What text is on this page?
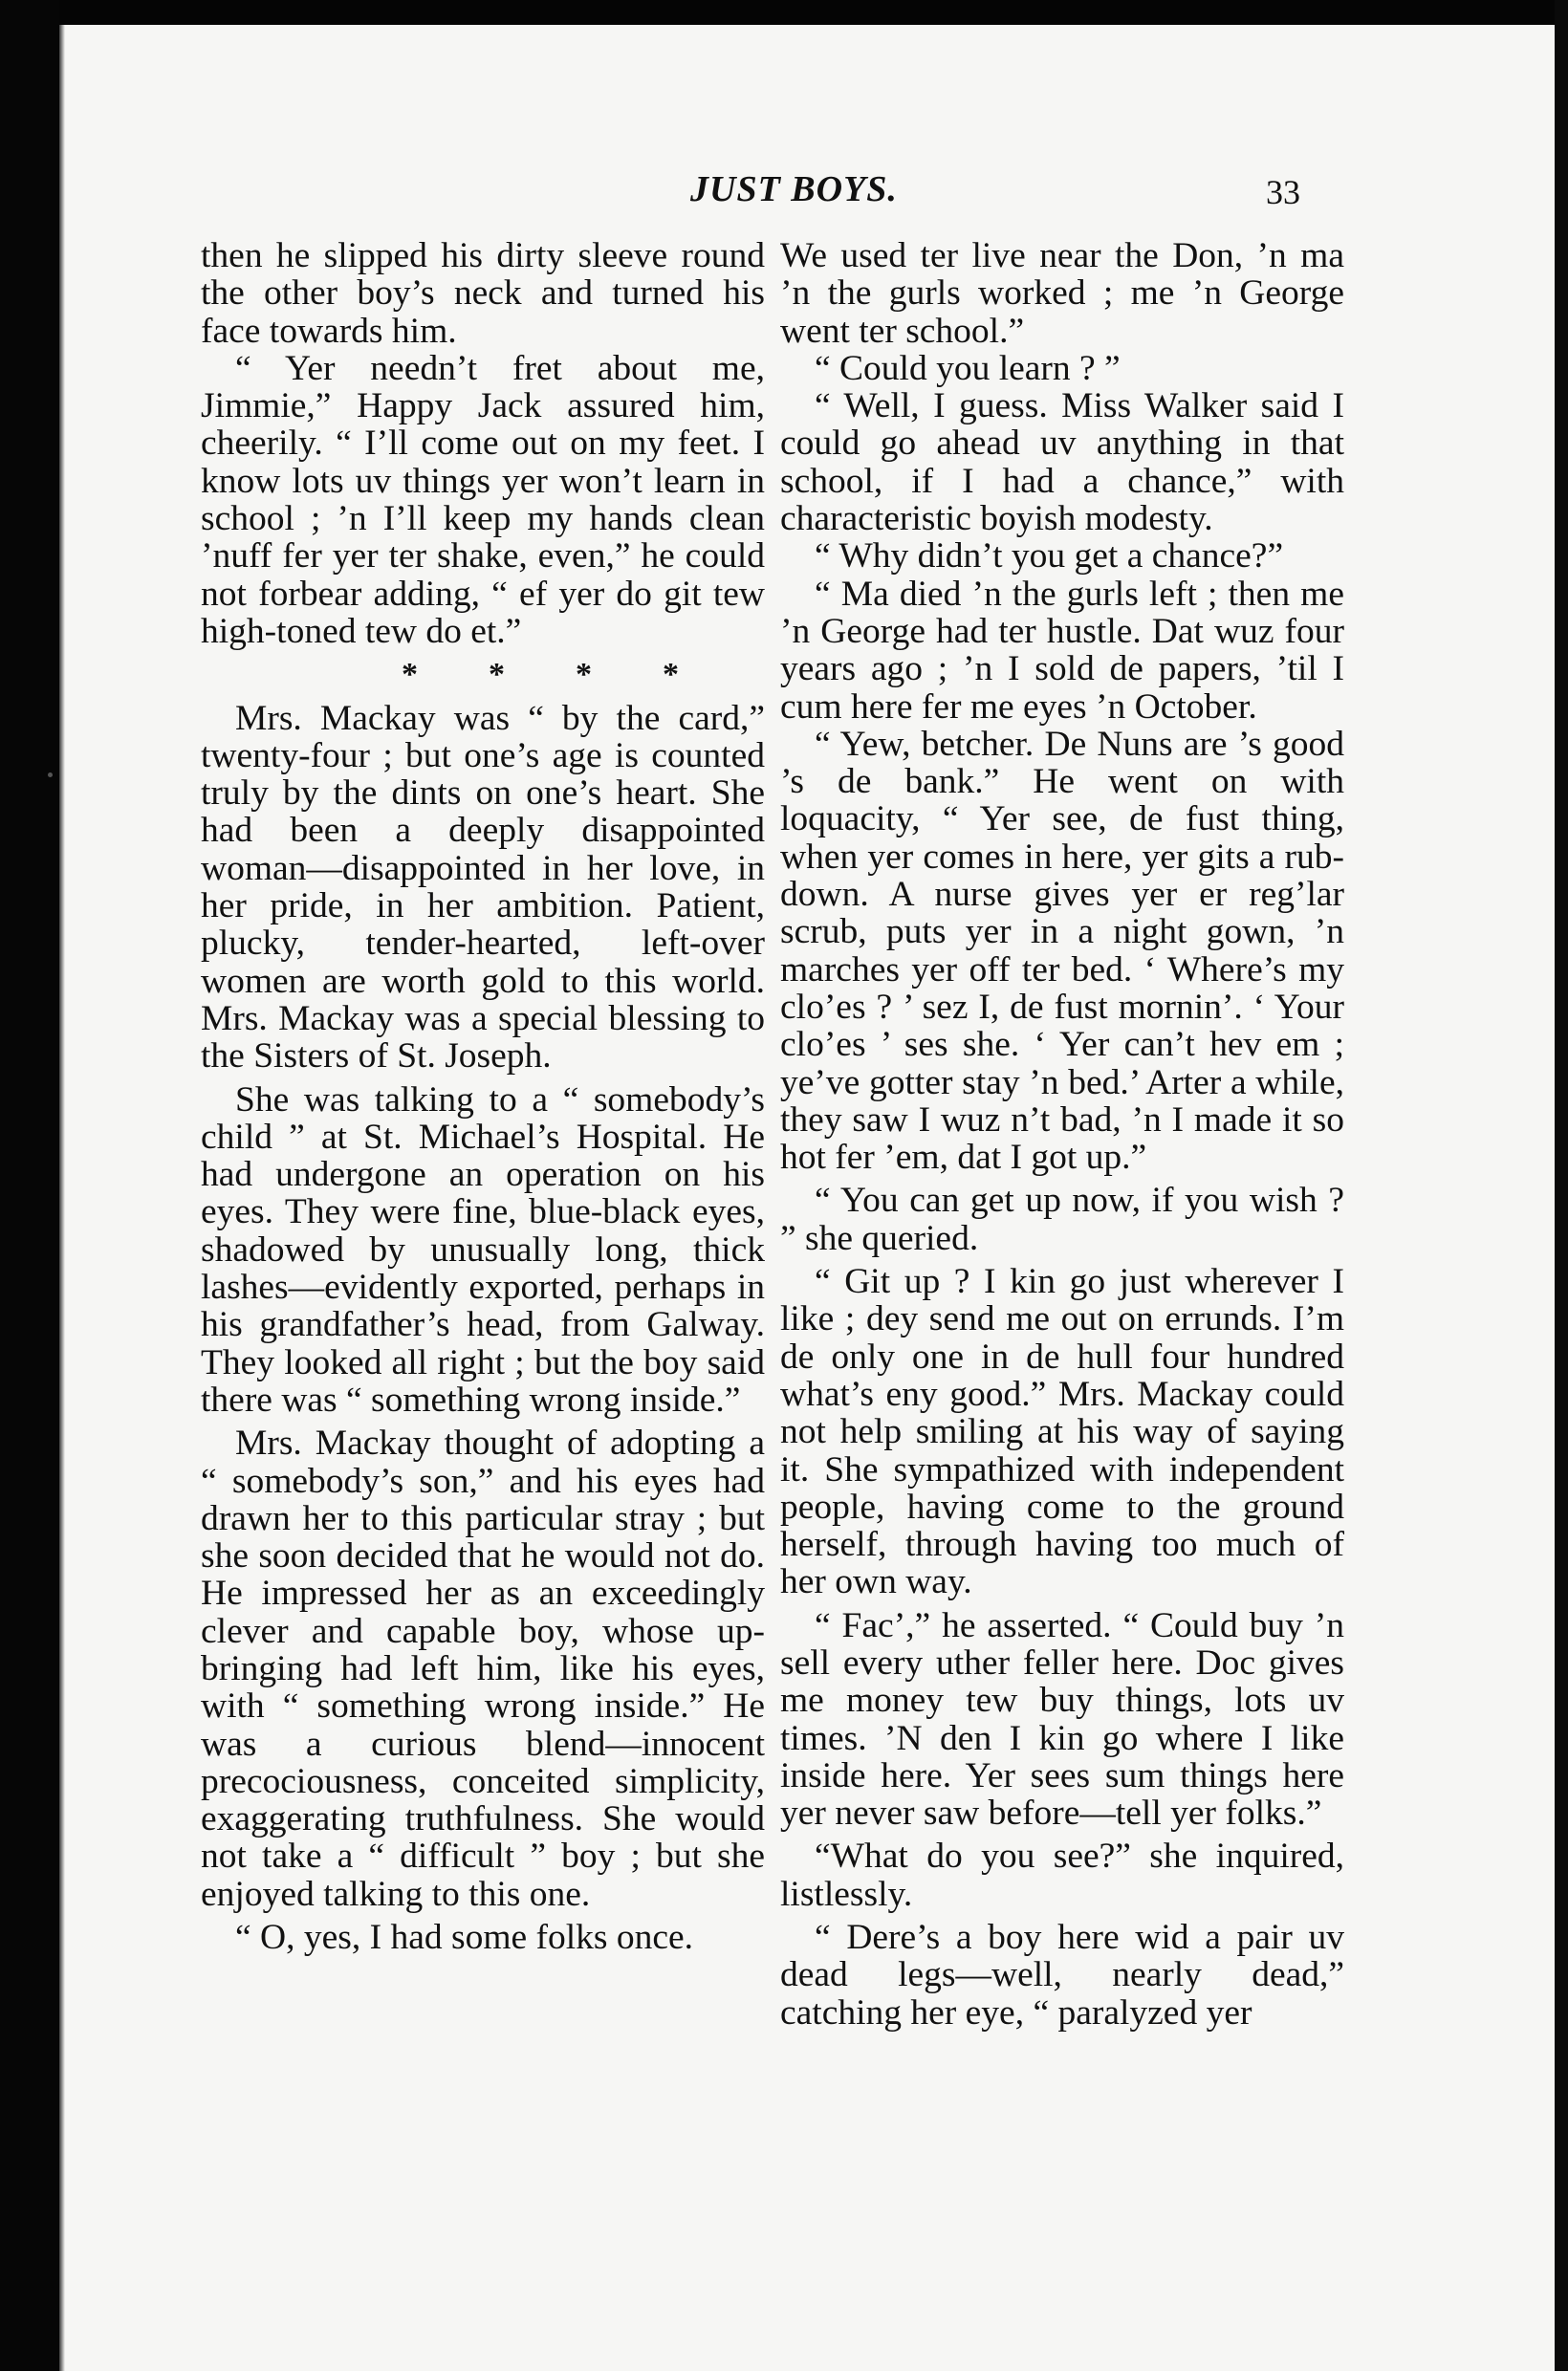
JUST BOYS.	33

then he slipped his dirty sleeve round the other boy’s neck and turned his face towards him.

“ Yer needn’t fret about me, Jimmie,” Happy Jack assured him, cheerily. “ I’ll come out on my feet. I know lots uv things yer won’t learn in school ; ’n I’ll keep my hands clean ’nuff fer yer ter shake, even,” he could not forbear adding, “ ef yer do git tew high-toned tew do et.”

* * * *

Mrs. Mackay was “ by the card,” twenty-four ; but one’s age is counted truly by the dints on one’s heart. She had been a deeply disappointed woman—disappointed in her love, in her pride, in her ambition. Patient, plucky, tender-hearted, left-over women are worth gold to this world. Mrs. Mackay was a special blessing to the Sisters of St. Joseph.

She was talking to a “ somebody’s child ” at St. Michael’s Hospital. He had undergone an operation on his eyes. They were fine, blue-black eyes, shadowed by unusually long, thick lashes—evidently exported, perhaps in his grandfather’s head, from Galway. They looked all right ; but the boy said there was “ something wrong inside.”

Mrs. Mackay thought of adopting a “ somebody’s son,” and his eyes had drawn her to this particular stray ; but she soon decided that he would not do. He impressed her as an exceedingly clever and capable boy, whose up-bringing had left him, like his eyes, with “ something wrong inside.” He was a curious blend—innocent precociousness, conceited simplicity, exaggerating truthfulness. She would not take a “ difficult ” boy ; but she enjoyed talking to this one.

“ O, yes, I had some folks once.

We used ter live near the Don, ’n ma ’n the gurls worked ; me ’n George went ter school.”

“ Could you learn ? ”

“ Well, I guess. Miss Walker said I could go ahead uv anything in that school, if I had a chance,” with characteristic boyish modesty.

“ Why didn’t you get a chance?”

“ Ma died ’n the gurls left ; then me ’n George had ter hustle. Dat wuz four years ago ; ’n I sold de papers, ’til I cum here fer me eyes ’n October.

“ Yew, betcher. De Nuns are ’s good ’s de bank.” He went on with loquacity, “ Yer see, de fust thing, when yer comes in here, yer gits a rub-down. A nurse gives yer er reg’lar scrub, puts yer in a night gown, ’n marches yer off ter bed. ‘ Where’s my clo’es ? ’ sez I, de fust mornin’. ‘ Your clo’es ’ ses she. ‘ Yer can’t hev em ; ye’ve gotter stay ’n bed.’ Arter a while, they saw I wuz n’t bad, ’n I made it so hot fer ’em, dat I got up.”

“ You can get up now, if you wish ? ” she queried.

“ Git up ? I kin go just wherever I like ; dey send me out on errunds. I’m de only one in de hull four hundred what’s eny good.” Mrs. Mackay could not help smiling at his way of saying it. She sympathized with independent people, having come to the ground herself, through having too much of her own way.

“ Fac’,” he asserted. “ Could buy ’n sell every uther feller here. Doc gives me money tew buy things, lots uv times. ’N den I kin go where I like inside here. Yer sees sum things here yer never saw before—tell yer folks.”

“What do you see?” she inquired, listlessly.

“ Dere’s a boy here wid a pair uv dead legs—well, nearly dead,” catching her eye, “ paralyzed yer
